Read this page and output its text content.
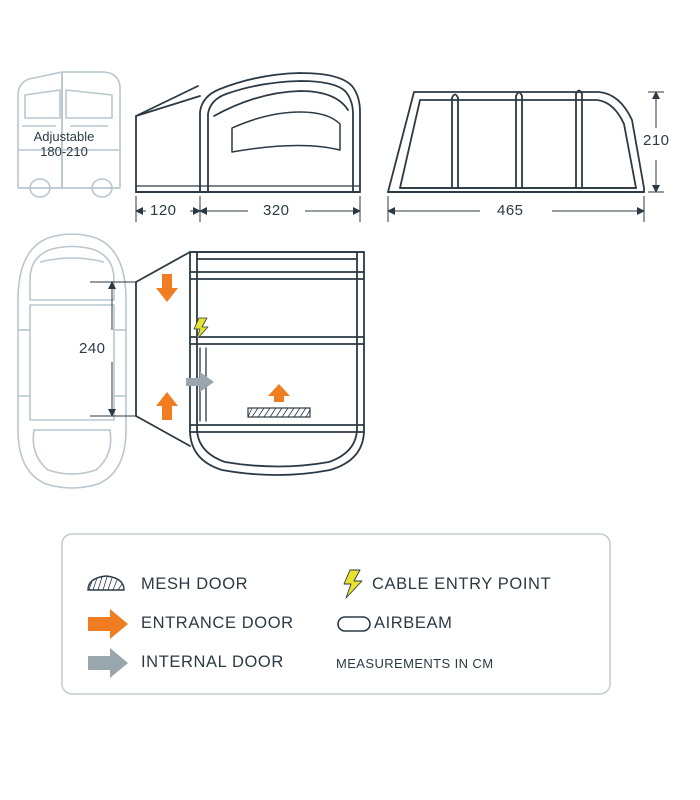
Adjustable
180-210
120	320
210
465
240
MESH DOOR	CABLE ENTRY POINT
ENTRANCE DOOR	AIRBEAM
INTERNAL DOOR	MEASUREMENTS IN CM
